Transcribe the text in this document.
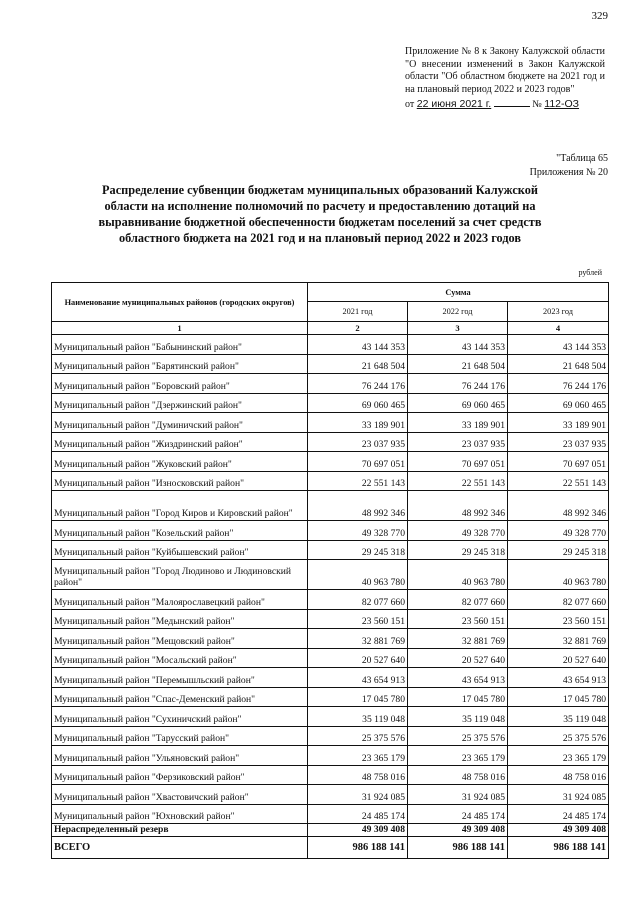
329
Приложение № 8 к Закону Калужской области "О внесении изменений в Закон Калужской области "Об областном бюджете на 2021 год и на плановый период 2022 и 2023 годов"
от 22 июня 2021 г.	№ 112-ОЗ
"Таблица 65
Приложения № 20
Распределение субвенции бюджетам муниципальных образований Калужской области на исполнение полномочий по расчету и предоставлению дотаций на выравнивание бюджетной обеспеченности бюджетам поселений за счет средств областного бюджета на 2021 год и на плановый период 2022 и 2023 годов
рублей
Наименование муниципальных районов (городских округов)	Сумма		
	2021 год	2022 год	2023 год
1	2	3	4
Муниципальный район "Бабынинский район"	43 144 353	43 144 353	43 144 353
Муниципальный район "Барятинский район"	21 648 504	21 648 504	21 648 504
Муниципальный район "Боровский район"	76 244 176	76 244 176	76 244 176
Муниципальный район "Дзержинский район"	69 060 465	69 060 465	69 060 465
Муниципальный район "Думиничский район"	33 189 901	33 189 901	33 189 901
Муниципальный район "Жиздринский район"	23 037 935	23 037 935	23 037 935
Муниципальный район "Жуковский район"	70 697 051	70 697 051	70 697 051
Муниципальный район "Износковский район"	22 551 143	22 551 143	22 551 143
Муниципальный район "Город Киров и Кировский район"	48 992 346	48 992 346	48 992 346
Муниципальный район "Козельский район"	49 328 770	49 328 770	49 328 770
Муниципальный район "Куйбышевский район"	29 245 318	29 245 318	29 245 318
Муниципальный район "Город Людиново и Людиновский район"	40 963 780	40 963 780	40 963 780
Муниципальный район "Малоярославецкий район"	82 077 660	82 077 660	82 077 660
Муниципальный район "Медынский район"	23 560 151	23 560 151	23 560 151
Муниципальный район "Мещовский район"	32 881 769	32 881 769	32 881 769
Муниципальный район "Мосальский район"	20 527 640	20 527 640	20 527 640
Муниципальный район "Перемышльский район"	43 654 913	43 654 913	43 654 913
Муниципальный район "Спас-Деменский район"	17 045 780	17 045 780	17 045 780
Муниципальный район "Сухиничский район"	35 119 048	35 119 048	35 119 048
Муниципальный район "Тарусский район"	25 375 576	25 375 576	25 375 576
Муниципальный район "Ульяновский район"	23 365 179	23 365 179	23 365 179
Муниципальный район "Ферзиковский район"	48 758 016	48 758 016	48 758 016
Муниципальный район "Хвастовичский район"	31 924 085	31 924 085	31 924 085
Муниципальный район "Юхновский район"	24 485 174	24 485 174	24 485 174
Нераспределенный резерв	49 309 408	49 309 408	49 309 408
ВСЕГО	986 188 141	986 188 141	986 188 141
